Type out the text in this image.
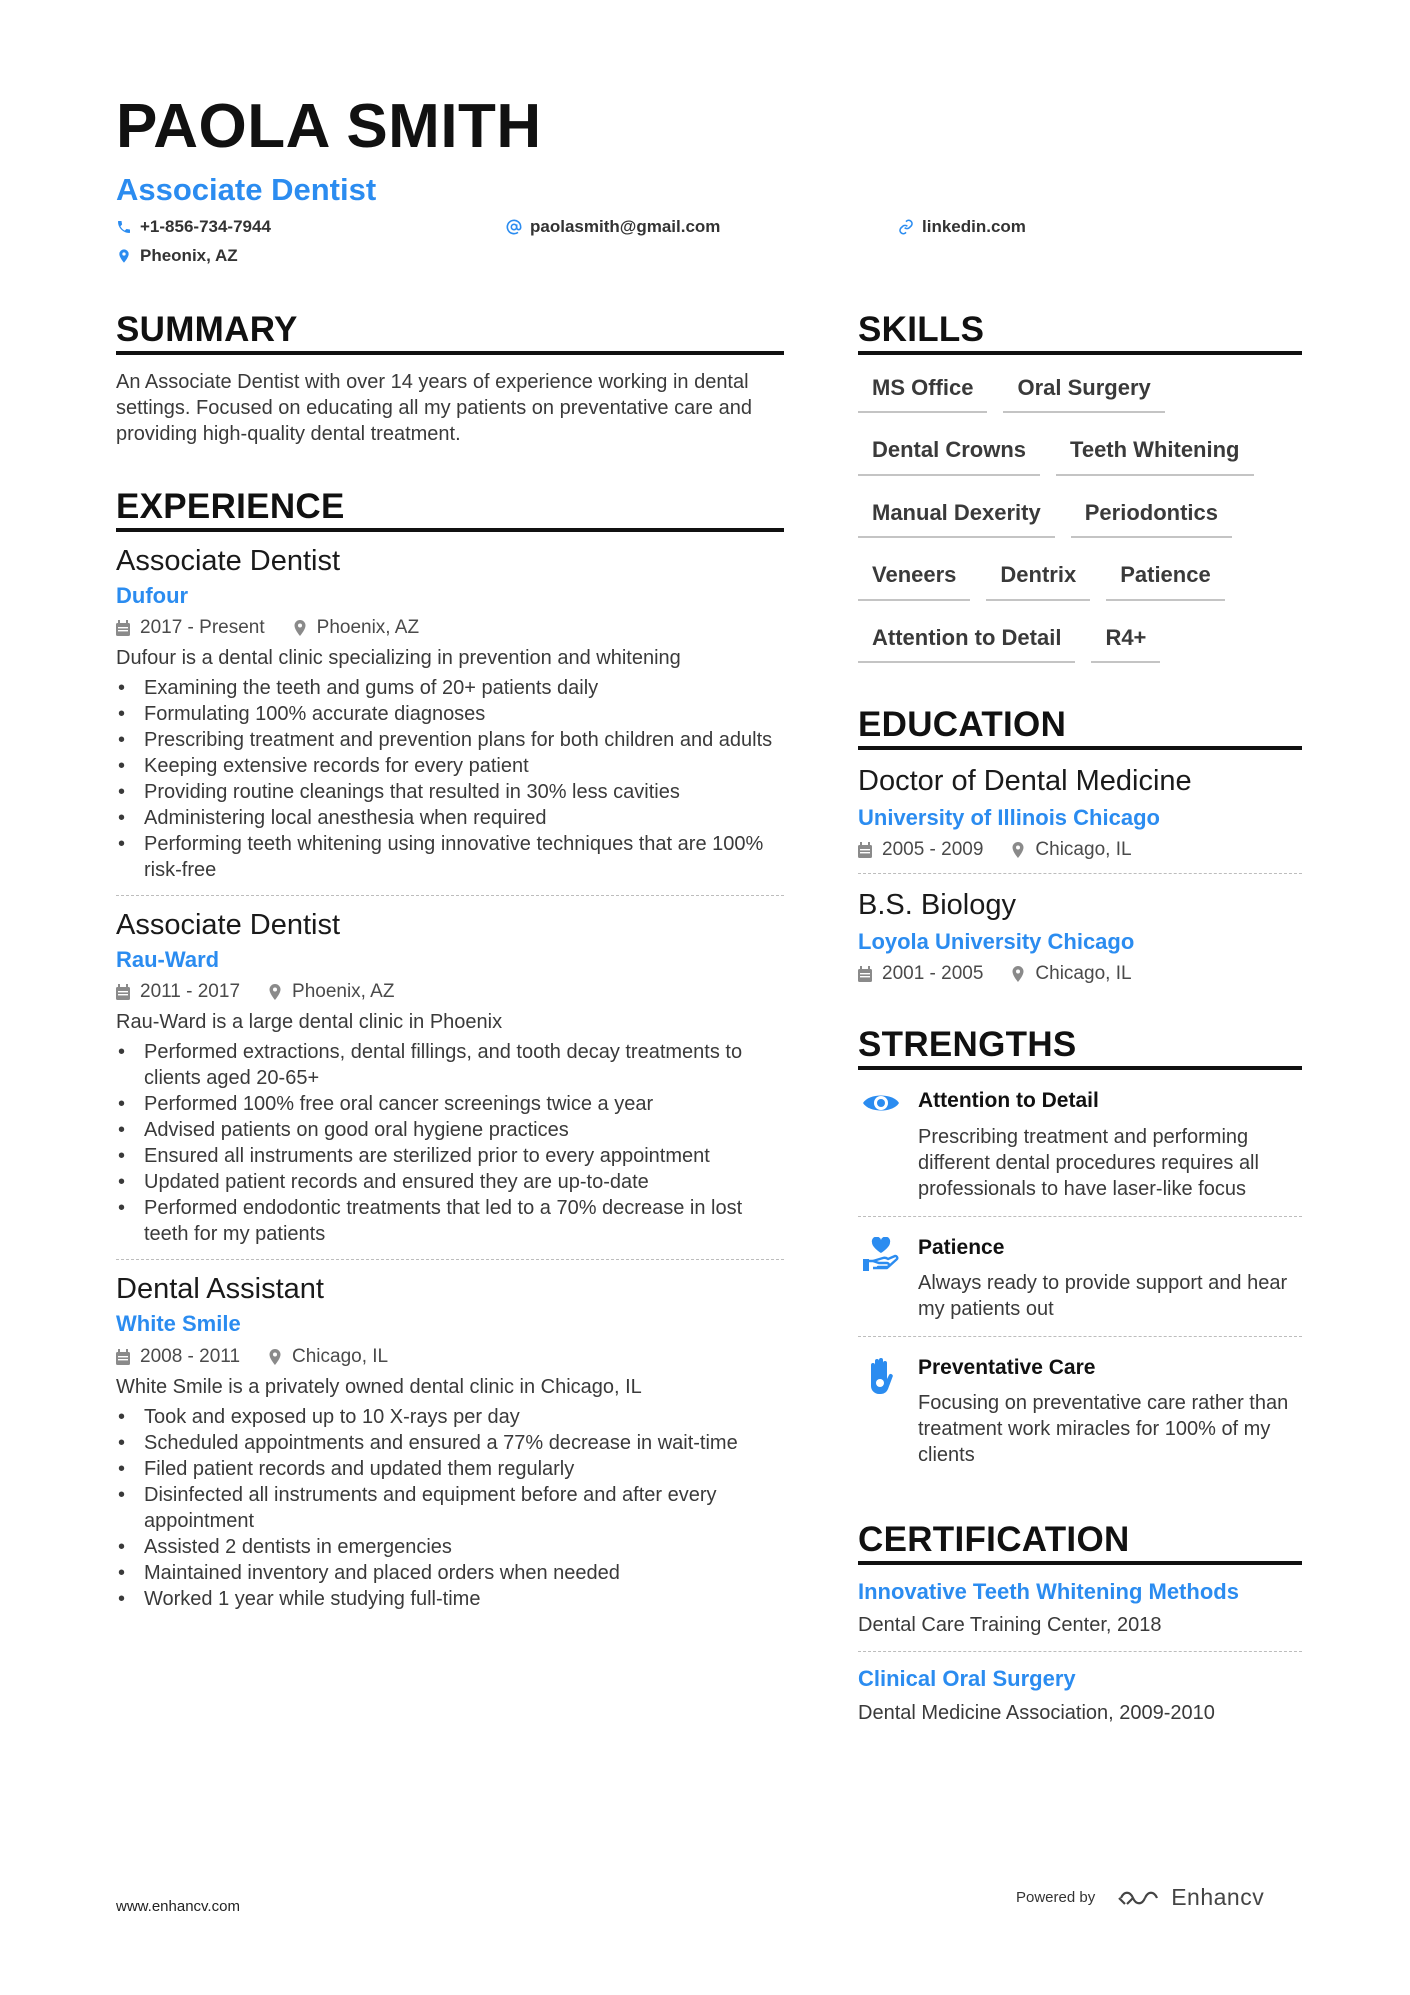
PAOLA SMITH
Associate Dentist
+1-856-734-7944	paolasmith@gmail.com	linkedin.com
Pheonix, AZ
SUMMARY
An Associate Dentist with over 14 years of experience working in dental settings. Focused on educating all my patients on preventative care and providing high-quality dental treatment.
EXPERIENCE
Associate Dentist
Dufour
2017 - Present	Phoenix, AZ
Dufour is a dental clinic specializing in prevention and whitening
• Examining the teeth and gums of 20+ patients daily
• Formulating 100% accurate diagnoses
• Prescribing treatment and prevention plans for both children and adults
• Keeping extensive records for every patient
• Providing routine cleanings that resulted in 30% less cavities
• Administering local anesthesia when required
• Performing teeth whitening using innovative techniques that are 100% risk-free
Associate Dentist
Rau-Ward
2011 - 2017	Phoenix, AZ
Rau-Ward is a large dental clinic in Phoenix
• Performed extractions, dental fillings, and tooth decay treatments to clients aged 20-65+
• Performed 100% free oral cancer screenings twice a year
• Advised patients on good oral hygiene practices
• Ensured all instruments are sterilized prior to every appointment
• Updated patient records and ensured they are up-to-date
• Performed endodontic treatments that led to a 70% decrease in lost teeth for my patients
Dental Assistant
White Smile
2008 - 2011	Chicago, IL
White Smile is a privately owned dental clinic in Chicago, IL
• Took and exposed up to 10 X-rays per day
• Scheduled appointments and ensured a 77% decrease in wait-time
• Filed patient records and updated them regularly
• Disinfected all instruments and equipment before and after every appointment
• Assisted 2 dentists in emergencies
• Maintained inventory and placed orders when needed
• Worked 1 year while studying full-time
SKILLS
MS Office	Oral Surgery
Dental Crowns	Teeth Whitening
Manual Dexerity	Periodontics
Veneers	Dentrix	Patience
Attention to Detail	R4+
EDUCATION
Doctor of Dental Medicine
University of Illinois Chicago
2005 - 2009	Chicago, IL
B.S. Biology
Loyola University Chicago
2001 - 2005	Chicago, IL
STRENGTHS
Attention to Detail
Prescribing treatment and performing different dental procedures requires all professionals to have laser-like focus
Patience
Always ready to provide support and hear my patients out
Preventative Care
Focusing on preventative care rather than treatment work miracles for 100% of my clients
CERTIFICATION
Innovative Teeth Whitening Methods
Dental Care Training Center, 2018
Clinical Oral Surgery
Dental Medicine Association, 2009-2010
www.enhancv.com
Powered by	Enhancv
